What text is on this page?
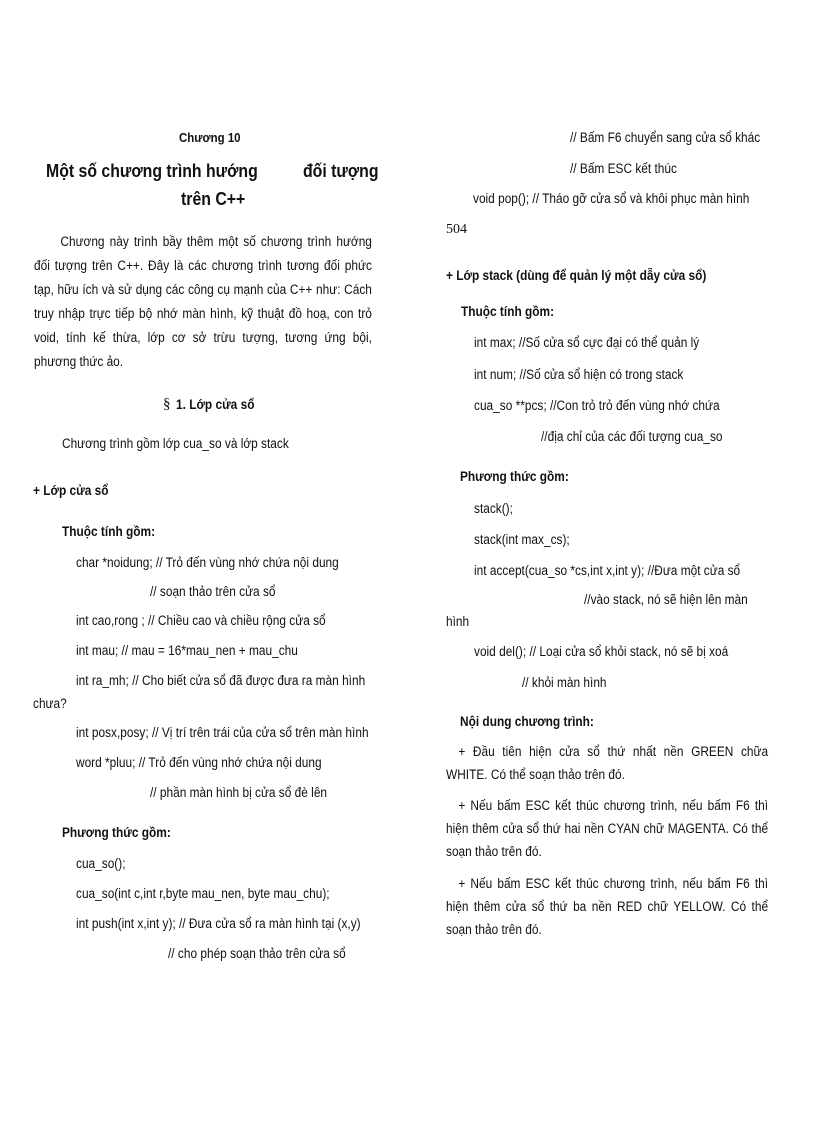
Chương 10
Một số chương trình hướng	đối tượng
trên C++
Chương này trình bầy thêm một số chương trình hướng đối tượng trên C++. Đây là các chương trình tương đối phức tạp, hữu ích và sử dụng các công cụ mạnh của C++ như: Cách truy nhập trực tiếp bộ nhớ màn hình, kỹ thuật đồ hoạ, con trỏ void, tính kế thừa, lớp cơ sở trừu tượng, tương ứng bội, phương thức ảo.
§ 1. Lớp cửa sổ
Chương trình gồm lớp cua_so và lớp stack
+ Lớp cửa sổ
Thuộc tính gồm:
char *noidung; // Trỏ đến vùng nhớ chứa nội dung
// soạn thảo trên cửa sổ
int cao,rong ; // Chiều cao và chiều rộng cửa sổ
int mau; // mau = 16*mau_nen + mau_chu
int ra_mh; // Cho biết cửa sổ đã được đưa ra màn hình
chưa?
int posx,posy; // Vị trí trên trái của cửa sổ trên màn hình
word *pluu; // Trỏ đến vùng nhớ chứa nội dung
// phần màn hình bị cửa sổ đè lên
Phương thức gồm:
cua_so();
cua_so(int c,int r,byte mau_nen, byte mau_chu);
int push(int x,int y); // Đưa cửa sổ ra màn hình tại (x,y)
// cho phép soạn thảo trên cửa sổ
// Bấm F6 chuyển sang cửa sổ khác
// Bấm ESC kết thúc
void pop(); // Tháo gỡ cửa sổ và khôi phục màn hình
504
+ Lớp stack (dùng để quản lý một dẫy cửa sổ)
Thuộc tính gồm:
int max; //Số cửa sổ cực đại có thể quản lý
int num; //Số cửa sổ hiện có trong stack
cua_so **pcs; //Con trỏ trỏ đến vùng nhớ chứa
//địa chỉ của các đối tượng cua_so
Phương thức gồm:
stack();
stack(int max_cs);
int accept(cua_so *cs,int x,int y); //Đưa một cửa sổ
//vào stack, nó sẽ hiện lên màn
hình
void del(); // Loại cửa sổ khỏi stack, nó sẽ bị xoá
// khỏi màn hình
Nội dung chương trình:
+ Đầu tiên hiện cửa sổ thứ nhất nền GREEN chữa WHITE. Có thể soạn thảo trên đó.
+ Nếu bấm ESC kết thúc chương trình, nếu bấm F6 thì hiện thêm cửa sổ thứ hai nền CYAN chữ MAGENTA. Có thể soạn thảo trên đó.
+ Nếu bấm ESC kết thúc chương trình, nếu bấm F6 thì hiện thêm cửa sổ thứ ba nền RED chữ YELLOW. Có thể soạn thảo trên đó.
